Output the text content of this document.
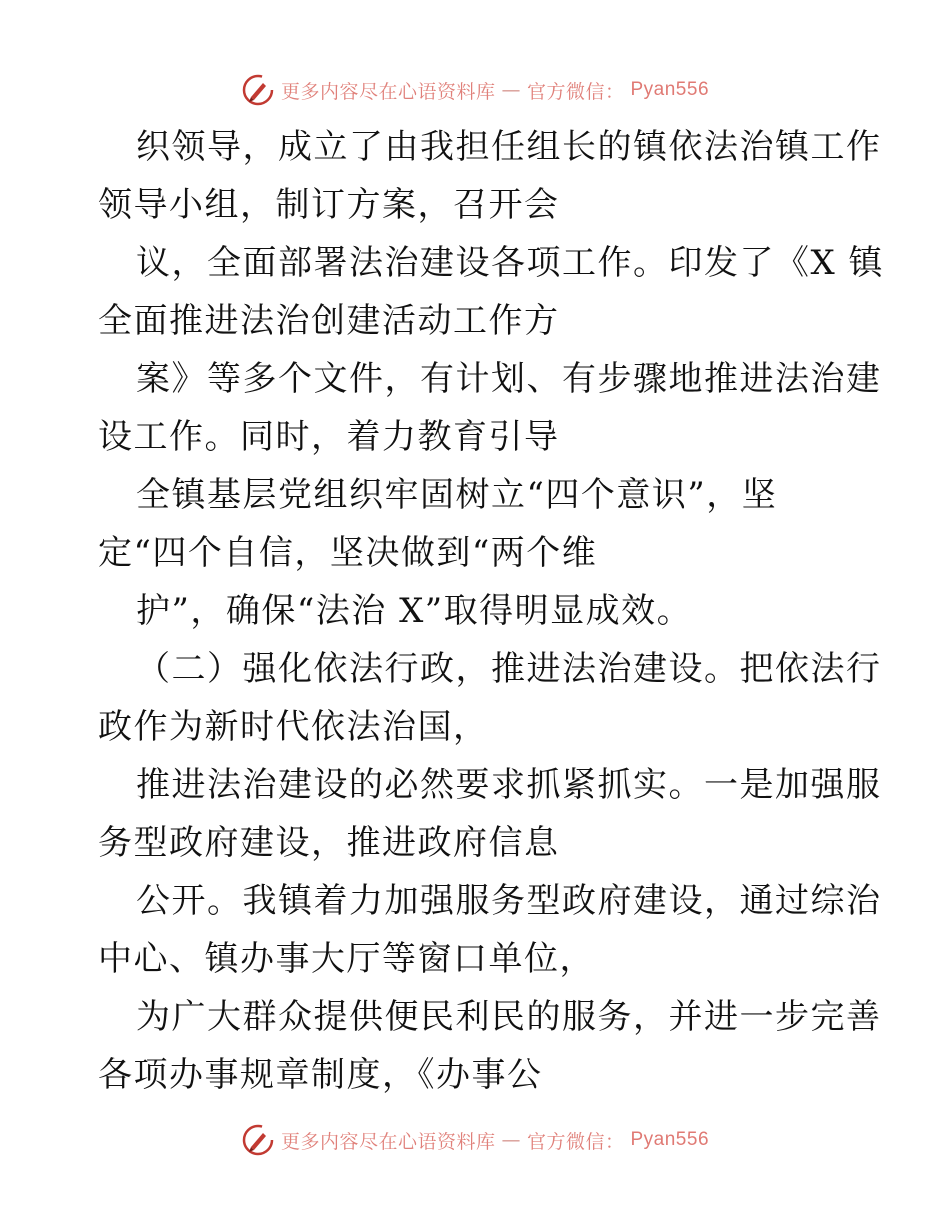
更多内容尽在心语资料库 — 官方微信： Pyan556
织领导，成立了由我担任组长的镇依法治镇工作
领导小组，制订方案，召开会
议，全面部署法治建设各项工作。印发了《X 镇
全面推进法治创建活动工作方
案》等多个文件，有计划、有步骤地推进法治建
设工作。同时，着力教育引导
全镇基层党组织牢固树立“四个意识”，坚
定“四个自信，坚决做到“两个维
护”，确保“法治 X”取得明显成效。
（二）强化依法行政，推进法治建设。把依法行
政作为新时代依法治国，
推进法治建设的必然要求抓紧抓实。一是加强服
务型政府建设，推进政府信息
公开。我镇着力加强服务型政府建设，通过综治
中心、镇办事大厅等窗口单位，
为广大群众提供便民利民的服务，并进一步完善
各项办事规章制度，《办事公
更多内容尽在心语资料库 — 官方微信： Pyan556
